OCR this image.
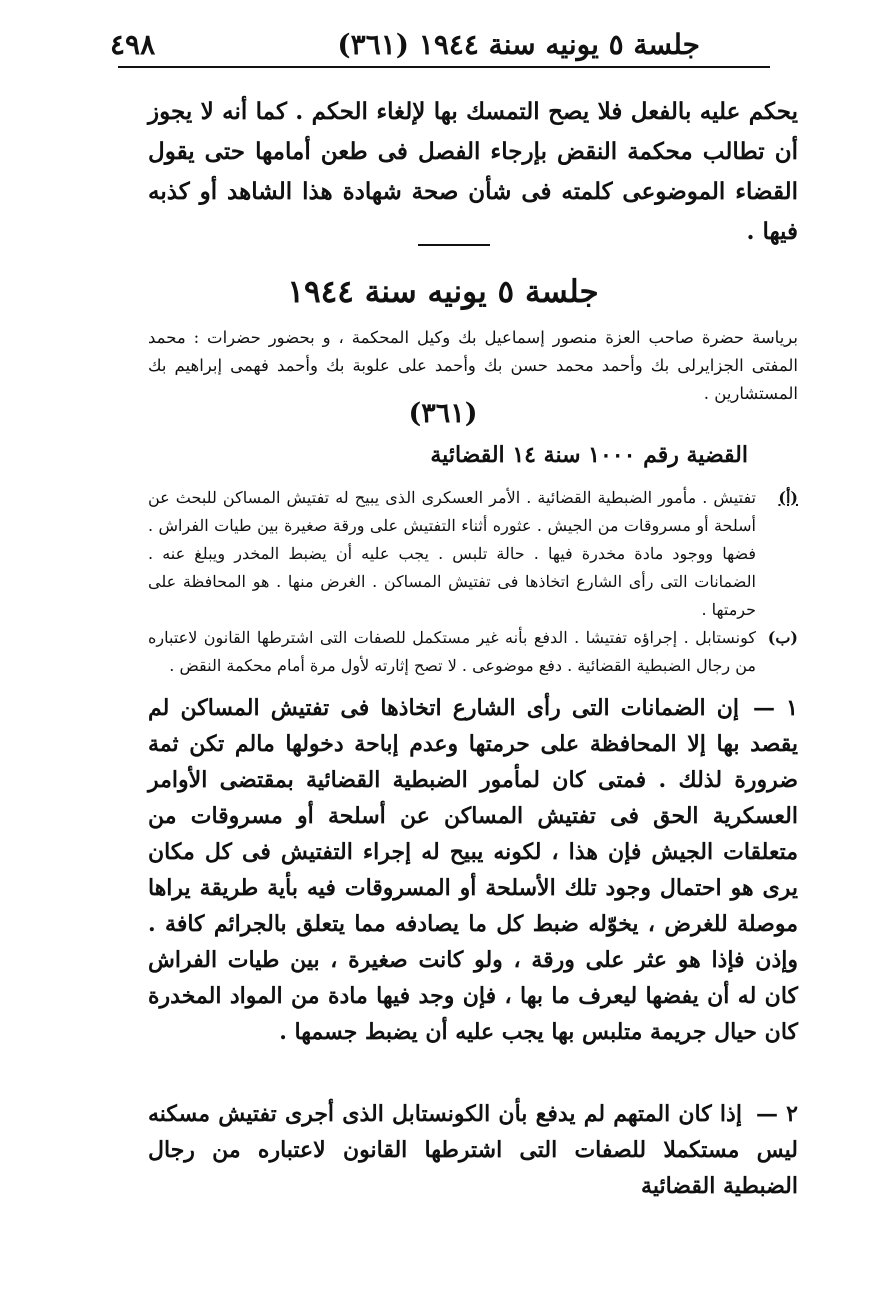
٤٩٨	جلسة ٥ يونيه سنة ١٩٤٤ (٣٦١)
يحكم عليه بالفعل فلا يصح التمسك بها لإلغاء الحكم . كما أنه لا يجوز أن تطالب محكمة النقض بإرجاء الفصل فى طعن أمامها حتى يقول القضاء الموضوعى كلمته فى شأن صحة شهادة هذا الشاهد أو كذبه فيها .
جلسة ٥ يونيه سنة ١٩٤٤
برياسة حضرة صاحب العزة منصور إسماعيل بك وكيل المحكمة ، و بحضور حضرات : محمد المفتى الجزايرلى بك وأحمد محمد حسن بك وأحمد على علوبة بك وأحمد فهمى إبراهيم بك المستشارين .
(٣٦١)
القضية رقم ١٠٠٠ سنة ١٤ القضائية
(أ)
تفتيش . مأمور الضبطية القضائية . الأمر العسكرى الذى يبيح له تفتيش المساكن للبحث عن أسلحة أو مسروقات من الجيش . عثوره أثناء التفتيش على ورقة صغيرة بين طيات الفراش . فضها ووجود مادة مخدرة فيها . حالة تلبس . يجب عليه أن يضبط المخدر ويبلغ عنه . الضمانات التى رأى الشارع اتخاذها فى تفتيش المساكن . الغرض منها . هو المحافظة على حرمتها .
(ب)
كونستابل . إجراؤه تفتيشا . الدفع بأنه غير مستكمل للصفات التى اشترطها القانون لاعتباره من رجال الضبطية القضائية . دفع موضوعى . لا تصح إثارته لأول مرة أمام محكمة النقض .
١ —إن الضمانات التى رأى الشارع اتخاذها فى تفتيش المساكن لم يقصد بها إلا المحافظة على حرمتها وعدم إباحة دخولها مالم تكن ثمة ضرورة لذلك . فمتى كان لمأمور الضبطية القضائية بمقتضى الأوامر العسكرية الحق فى تفتيش المساكن عن أسلحة أو مسروقات من متعلقات الجيش فإن هذا ، لكونه يبيح له إجراء التفتيش فى كل مكان يرى هو احتمال وجود تلك الأسلحة أو المسروقات فيه بأية طريقة يراها موصلة للغرض ، يخوّله ضبط كل ما يصادفه مما يتعلق بالجرائم كافة . وإذن فإذا هو عثر على ورقة ، ولو كانت صغيرة ، بين طيات الفراش كان له أن يفضها ليعرف ما بها ، فإن وجد فيها مادة من المواد المخدرة كان حيال جريمة متلبس بها يجب عليه أن يضبط جسمها .
٢ —إذا كان المتهم لم يدفع بأن الكونستابل الذى أجرى تفتيش مسكنه ليس مستكملا للصفات التى اشترطها القانون لاعتباره من رجال الضبطية القضائية
